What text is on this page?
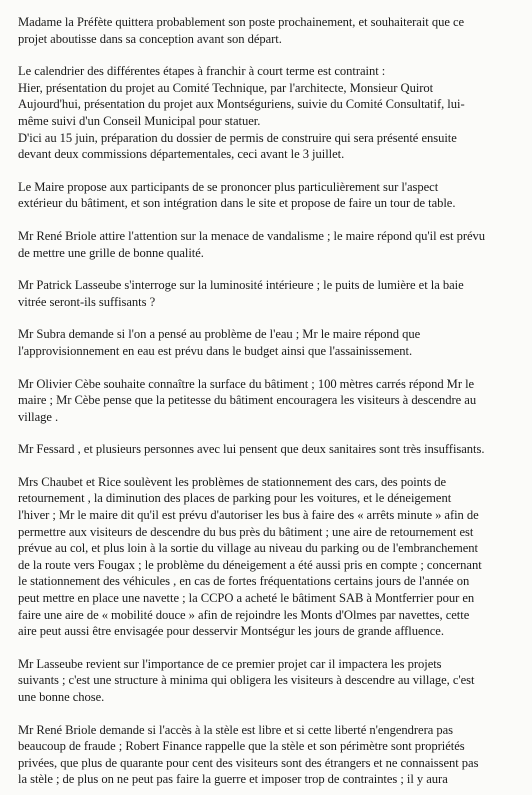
Madame la Préfète quittera probablement son poste prochainement, et souhaiterait que ce
projet aboutisse dans sa conception avant son départ.
Le calendrier des différentes étapes à franchir à court terme est contraint :
Hier, présentation du projet au Comité Technique, par l'architecte, Monsieur Quirot
Aujourd'hui, présentation du projet aux Montséguriens, suivie du Comité Consultatif, lui-
même suivi d'un Conseil Municipal pour statuer.
D'ici au 15 juin, préparation du dossier de permis de construire qui sera présenté ensuite
devant deux commissions départementales, ceci avant le 3 juillet.
Le Maire propose aux participants de se prononcer plus particulièrement sur l'aspect
extérieur du bâtiment, et son intégration dans le site et propose de faire un tour de table.
Mr René Briole attire l'attention sur la menace de vandalisme ; le maire répond qu'il est prévu
de mettre une grille de bonne qualité.
Mr Patrick Lasseube s'interroge sur la luminosité intérieure ; le puits de lumière et la baie
vitrée seront-ils suffisants ?
Mr Subra demande si l'on a pensé au problème de l'eau ; Mr le maire répond que
l'approvisionnement en eau est prévu dans le budget ainsi que l'assainissement.
Mr Olivier Cèbe souhaite connaître la surface du bâtiment ; 100 mètres carrés répond Mr le
maire ; Mr Cèbe pense que la petitesse du bâtiment encouragera les visiteurs à descendre au
village .
Mr Fessard , et plusieurs personnes avec lui pensent que deux sanitaires sont très insuffisants.
Mrs Chaubet et Rice soulèvent les problèmes de stationnement des cars, des points de
retournement , la diminution des places de parking pour les voitures, et le déneigement
l'hiver ; Mr le maire dit qu'il est prévu d'autoriser les bus à faire des « arrêts minute » afin de
permettre aux visiteurs de descendre du bus près du bâtiment ; une aire de retournement est
prévue au col, et plus loin à la sortie du village au niveau du parking ou de l'embranchement
de la route vers Fougax ; le problème du déneigement a été aussi pris en compte ; concernant
le stationnement des véhicules , en cas de fortes fréquentations certains jours de l'année on
peut mettre en place une navette ; la CCPO a acheté le bâtiment SAB à Montferrier pour en
faire une aire de « mobilité douce » afin de rejoindre les Monts d'Olmes par navettes, cette
aire peut aussi être envisagée pour desservir Montségur les jours de grande affluence.
Mr Lasseube revient sur l'importance de ce premier projet car il impactera les projets
suivants ; c'est une structure à minima qui obligera les visiteurs à descendre au village, c'est
une bonne chose.
Mr René Briole demande si l'accès à la stèle est libre et si cette liberté n'engendrera pas
beaucoup de fraude ; Robert Finance rappelle que la stèle et son périmètre sont propriétés
privées, que plus de quarante pour cent des visiteurs sont des étrangers et ne connaissent pas
la stèle ; de plus on ne peut pas faire la guerre et imposer trop de contraintes ; il y aura
